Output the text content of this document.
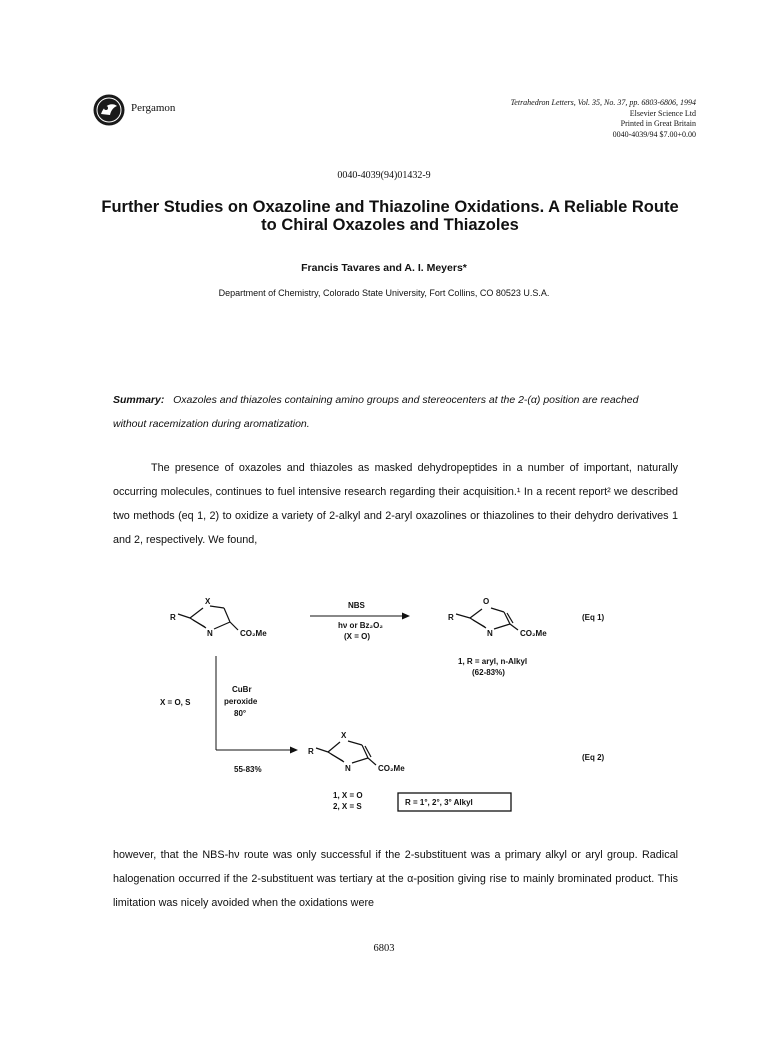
Pergamon	Tetrahedron Letters, Vol. 35, No. 37, pp. 6803-6806, 1994
Elsevier Science Ltd
Printed in Great Britain
0040-4039/94 $7.00+0.00
0040-4039(94)01432-9
Further Studies on Oxazoline and Thiazoline Oxidations. A Reliable Route to Chiral Oxazoles and Thiazoles
Francis Tavares and A. I. Meyers*
Department of Chemistry, Colorado State University, Fort Collins, CO 80523 U.S.A.
Summary: Oxazoles and thiazoles containing amino groups and stereocenters at the 2-(α) position are reached without racemization during aromatization.
The presence of oxazoles and thiazoles as masked dehydropeptides in a number of important, naturally occurring molecules, continues to fuel intensive research regarding their acquisition.¹ In a recent report² we described two methods (eq 1, 2) to oxidize a variety of 2-alkyl and 2-aryl oxazolines or thiazolines to their dehydro derivatives 1 and 2, respectively. We found,
X
R
N	CO₂Me
NBS
hν or Bz₂O₂
(X = O)
O
R
N	CO₂Me
(Eq 1)
1, R = aryl, n-Alkyl
(62-83%)
X = O, S
CuBr
peroxide
80°
55-83%
X
R
N	CO₂Me
(Eq 2)
1, X = O
2, X = S	R = 1°, 2°, 3° Alkyl
however, that the NBS-hν route was only successful if the 2-substituent was a primary alkyl or aryl group. Radical halogenation occurred if the 2-substituent was tertiary at the α-position giving rise to mainly brominated product. This limitation was nicely avoided when the oxidations were
6803
